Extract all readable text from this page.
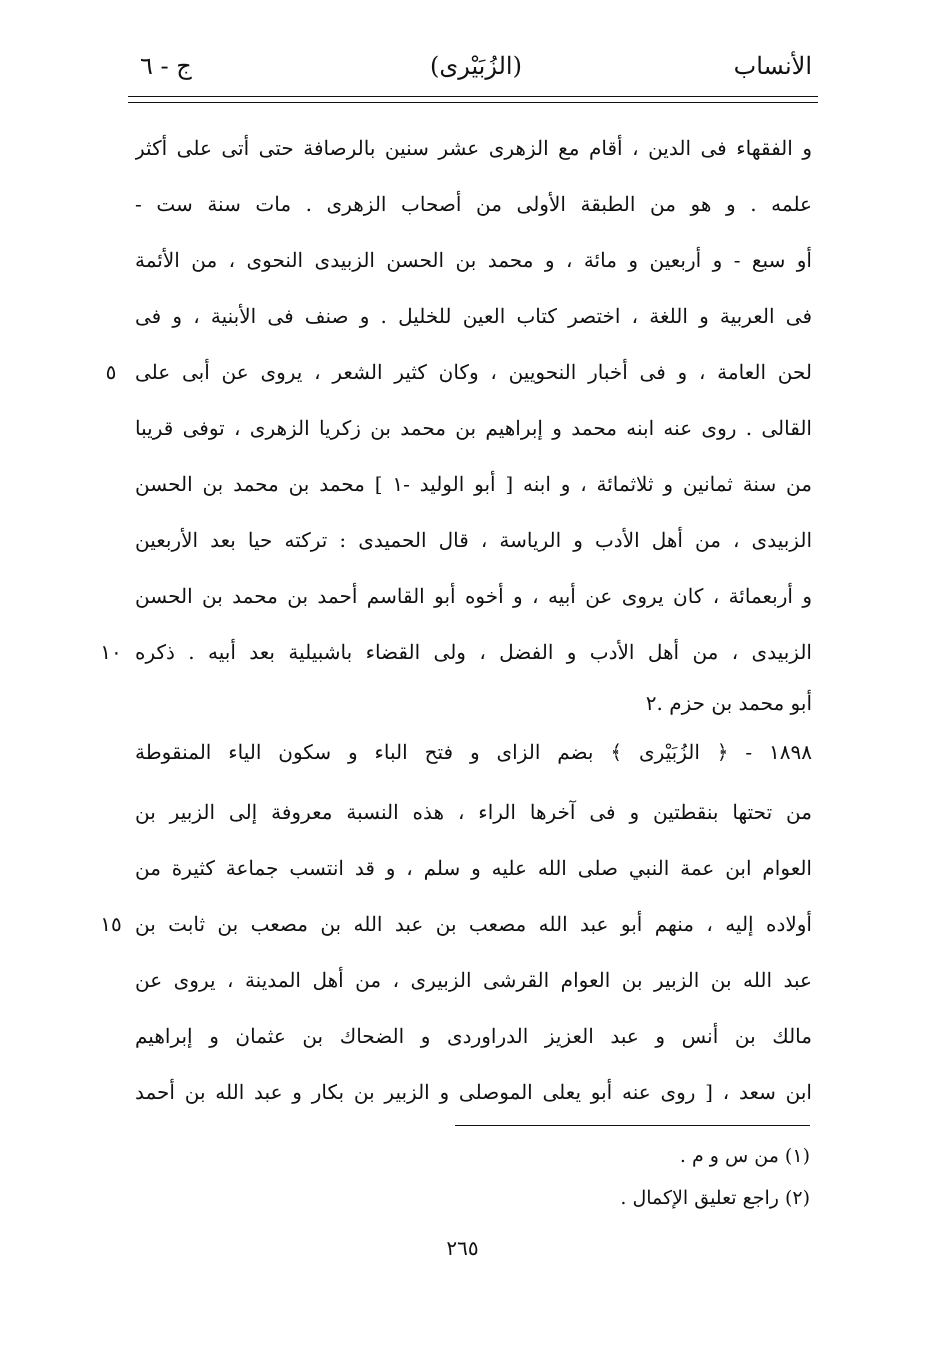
الأنساب
(الزُبَيْرى)
ج - ٦
و الفقهاء فى الدين ، أقام مع الزهرى عشر سنين بالرصافة حتى أتى على أكثر
علمه . و هو من الطبقة الأولى من أصحاب الزهرى . مات سنة ست -
أو سبع - و أربعين و مائة ، و محمد بن الحسن الزبيدى النحوى ، من الأئمة
فى العربية و اللغة ، اختصر كتاب العين للخليل . و صنف فى الأبنية ، و فى
لحن العامة ، و فى أخبار النحويين ، وكان كثير الشعر ، يروى عن أبى على
القالى . روى عنه ابنه محمد و إبراهيم بن محمد بن زكريا الزهرى ، توفى قريبا
من سنة ثمانين و ثلاثمائة ، و ابنه [ أبو الوليد -١ ] محمد بن محمد بن الحسن
الزبيدى ، من أهل الأدب و الرياسة ، قال الحميدى : تركته حيا بعد الأربعين
و أربعمائة ، كان يروى عن أبيه ، و أخوه أبو القاسم أحمد بن محمد بن الحسن
الزبيدى ، من أهل الأدب و الفضل ، ولى القضاء باشبيلية بعد أبيه . ذكره
أبو محمد بن حزم .٢
١٨٩٨ - ﴿ الزُبَيْرى ﴾ بضم الزاى و فتح الباء و سكون الياء المنقوطة
من تحتها بنقطتين و فى آخرها الراء ، هذه النسبة معروفة إلى الزبير بن
العوام ابن عمة النبي صلى الله عليه و سلم ، و قد انتسب جماعة كثيرة من
أولاده إليه ، منهم أبو عبد الله مصعب بن عبد الله بن مصعب بن ثابت بن
عبد الله بن الزبير بن العوام القرشى الزبيرى ، من أهل المدينة ، يروى عن
مالك بن أنس و عبد العزيز الدراوردى و الضحاك بن عثمان و إبراهيم
ابن سعد ، [ روى عنه أبو يعلى الموصلى و الزبير بن بكار و عبد الله بن أحمد
٥
١٠
١٥
(١) من س و م .
(٢) راجع تعليق الإكمال .
٢٦٥
